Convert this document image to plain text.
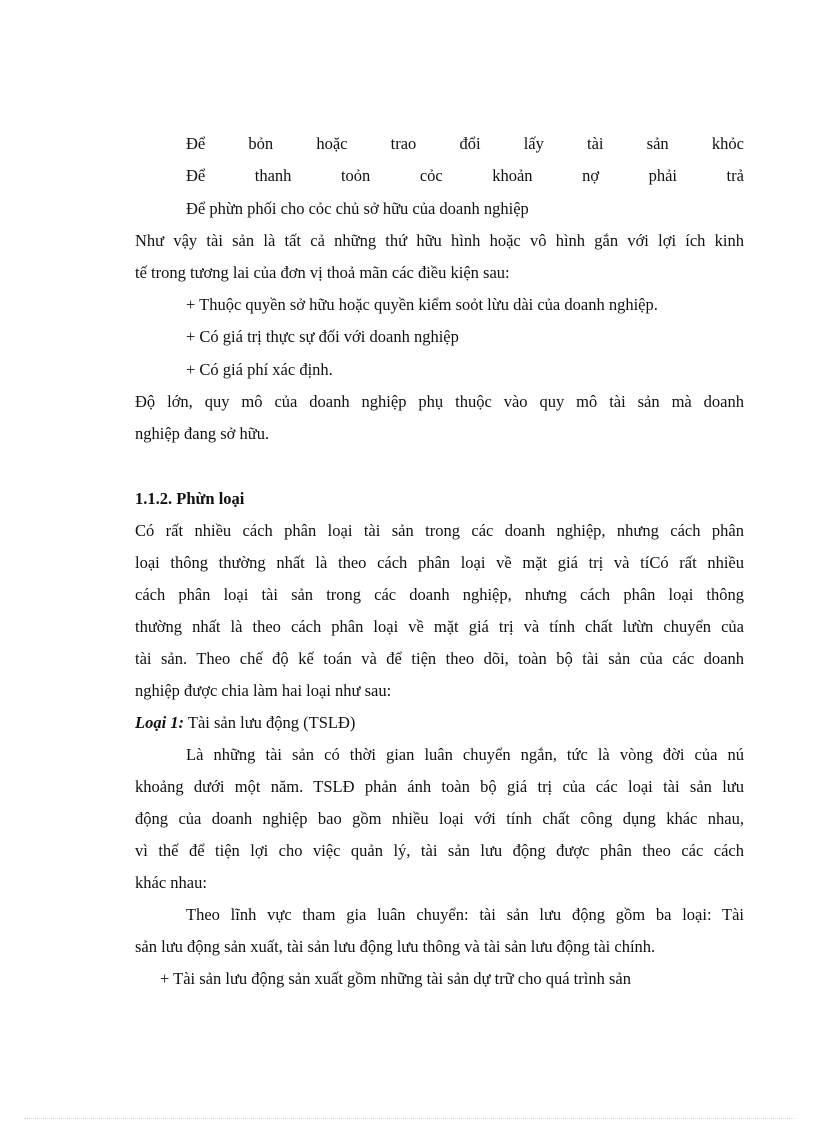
Để	bỏn	hoặc	trao	đổi	lấy	tài	sản	khỏc
Để	thanh	toỏn	cỏc	khoản	nợ	phải	trả
Để phừn phối cho cỏc chủ sở hữu của doanh nghiệp
Như vậy tài sản là tất cả những thứ hữu hình hoặc vô hình gắn với lợi ích kinh
tế trong tương lai của đơn vị thoả mãn các điều kiện sau:
+ Thuộc quyền sở hữu hoặc quyền kiểm soỏt lừu dài của doanh nghiệp.
+ Có giá trị thực sự đối với doanh nghiệp
+ Có giá phí xác định.
Độ lớn, quy mô của doanh nghiệp phụ thuộc vào quy mô tài sản mà doanh
nghiệp đang sở hữu.
1.1.2. Phừn loại
Có rất nhiều cách phân loại tài sản trong các doanh nghiệp, nhưng cách phân
loại thông thường nhất là theo cách phân loại về mặt giá trị và tíCó rất nhiều
cách phân loại tài sản trong các doanh nghiệp, nhưng cách phân loại thông
thường nhất là theo cách phân loại về mặt giá trị và tính chất lưừn chuyển của
tài sản. Theo chế độ kế toán và để tiện theo dõi, toàn bộ tài sản của các doanh
nghiệp được chia làm hai loại như sau:
Loại 1: Tài sản lưu động (TSLĐ)
Là những tài sản có thời gian luân chuyển ngắn, tức là vòng đời của nú
khoảng dưới một năm. TSLĐ phản ánh toàn bộ giá trị của các loại tài sản lưu
động của doanh nghiệp bao gồm nhiều loại với tính chất công dụng khác nhau,
vì thế để tiện lợi cho việc quản lý, tài sản lưu động được phân theo các cách
khác nhau:
Theo lĩnh vực tham gia luân chuyển: tài sản lưu động gồm ba loại: Tài
sản lưu động sản xuất, tài sản lưu động lưu thông và tài sản lưu động tài chính.
+ Tài sản lưu động sản xuất gồm những tài sản dự trữ cho quá trình sản
